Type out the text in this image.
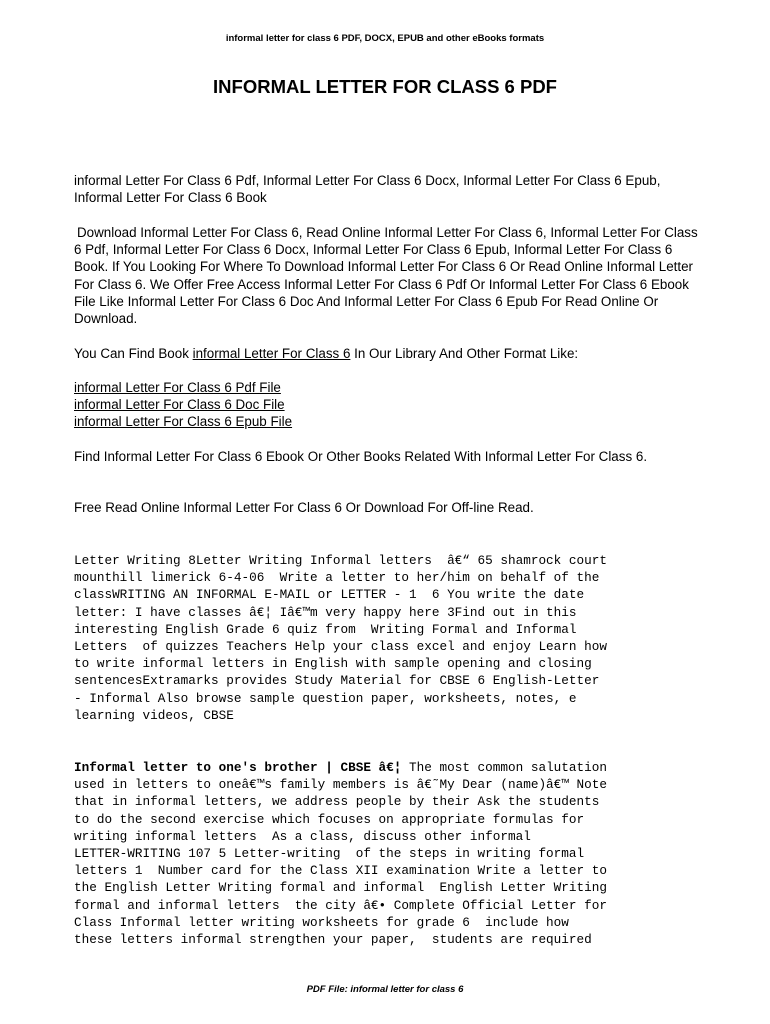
informal letter for class 6 PDF, DOCX, EPUB and other eBooks formats
INFORMAL LETTER FOR CLASS 6 PDF

informal Letter For Class 6 Pdf, Informal Letter For Class 6 Docx, Informal Letter For Class 6 Epub, Informal Letter For Class 6 Book

Download Informal Letter For Class 6, Read Online Informal Letter For Class 6, Informal Letter For Class 6 Pdf, Informal Letter For Class 6 Docx, Informal Letter For Class 6 Epub, Informal Letter For Class 6 Book. If You Looking For Where To Download Informal Letter For Class 6 Or Read Online Informal Letter For Class 6. We Offer Free Access Informal Letter For Class 6 Pdf Or Informal Letter For Class 6 Ebook File Like Informal Letter For Class 6 Doc And Informal Letter For Class 6 Epub For Read Online Or Download.

You Can Find Book informal Letter For Class 6 In Our Library And Other Format Like:

informal Letter For Class 6 Pdf File
informal Letter For Class 6 Doc File
informal Letter For Class 6 Epub File

Find Informal Letter For Class 6 Ebook Or Other Books Related With Informal Letter For Class 6.

Free Read Online Informal Letter For Class 6 Or Download For Off-line Read.

Letter Writing 8Letter Writing Informal letters  â€“ 65 shamrock court
mounthill limerick 6-4-06  Write a letter to her/him on behalf of the
classWRITING AN INFORMAL E-MAIL or LETTER - 1  6 You write the date
letter: I have classes â€¦ Iâ€™m very happy here 3Find out in this
interesting English Grade 6 quiz from  Writing Formal and Informal
Letters  of quizzes Teachers Help your class excel and enjoy Learn how
to write informal letters in English with sample opening and closing
sentencesExtramarks provides Study Material for CBSE 6 English-Letter
- Informal Also browse sample question paper, worksheets, notes, e
learning videos, CBSE
Informal letter to one's brother | CBSE â€¦ The most common salutation
used in letters to oneâ€™s family members is â€˜My Dear (name)â€™ Note
that in informal letters, we address people by their Ask the students
to do the second exercise which focuses on appropriate formulas for
writing informal letters  As a class, discuss other informal
LETTER-WRITING 107 5 Letter-writing  of the steps in writing formal
letters 1  Number card for the Class XII examination Write a letter to
the English Letter Writing formal and informal  English Letter Writing
formal and informal letters  the city â€• Complete Official Letter for
Class Informal letter writing worksheets for grade 6  include how
these letters informal strengthen your paper,  students are required
PDF File: informal letter for class 6
